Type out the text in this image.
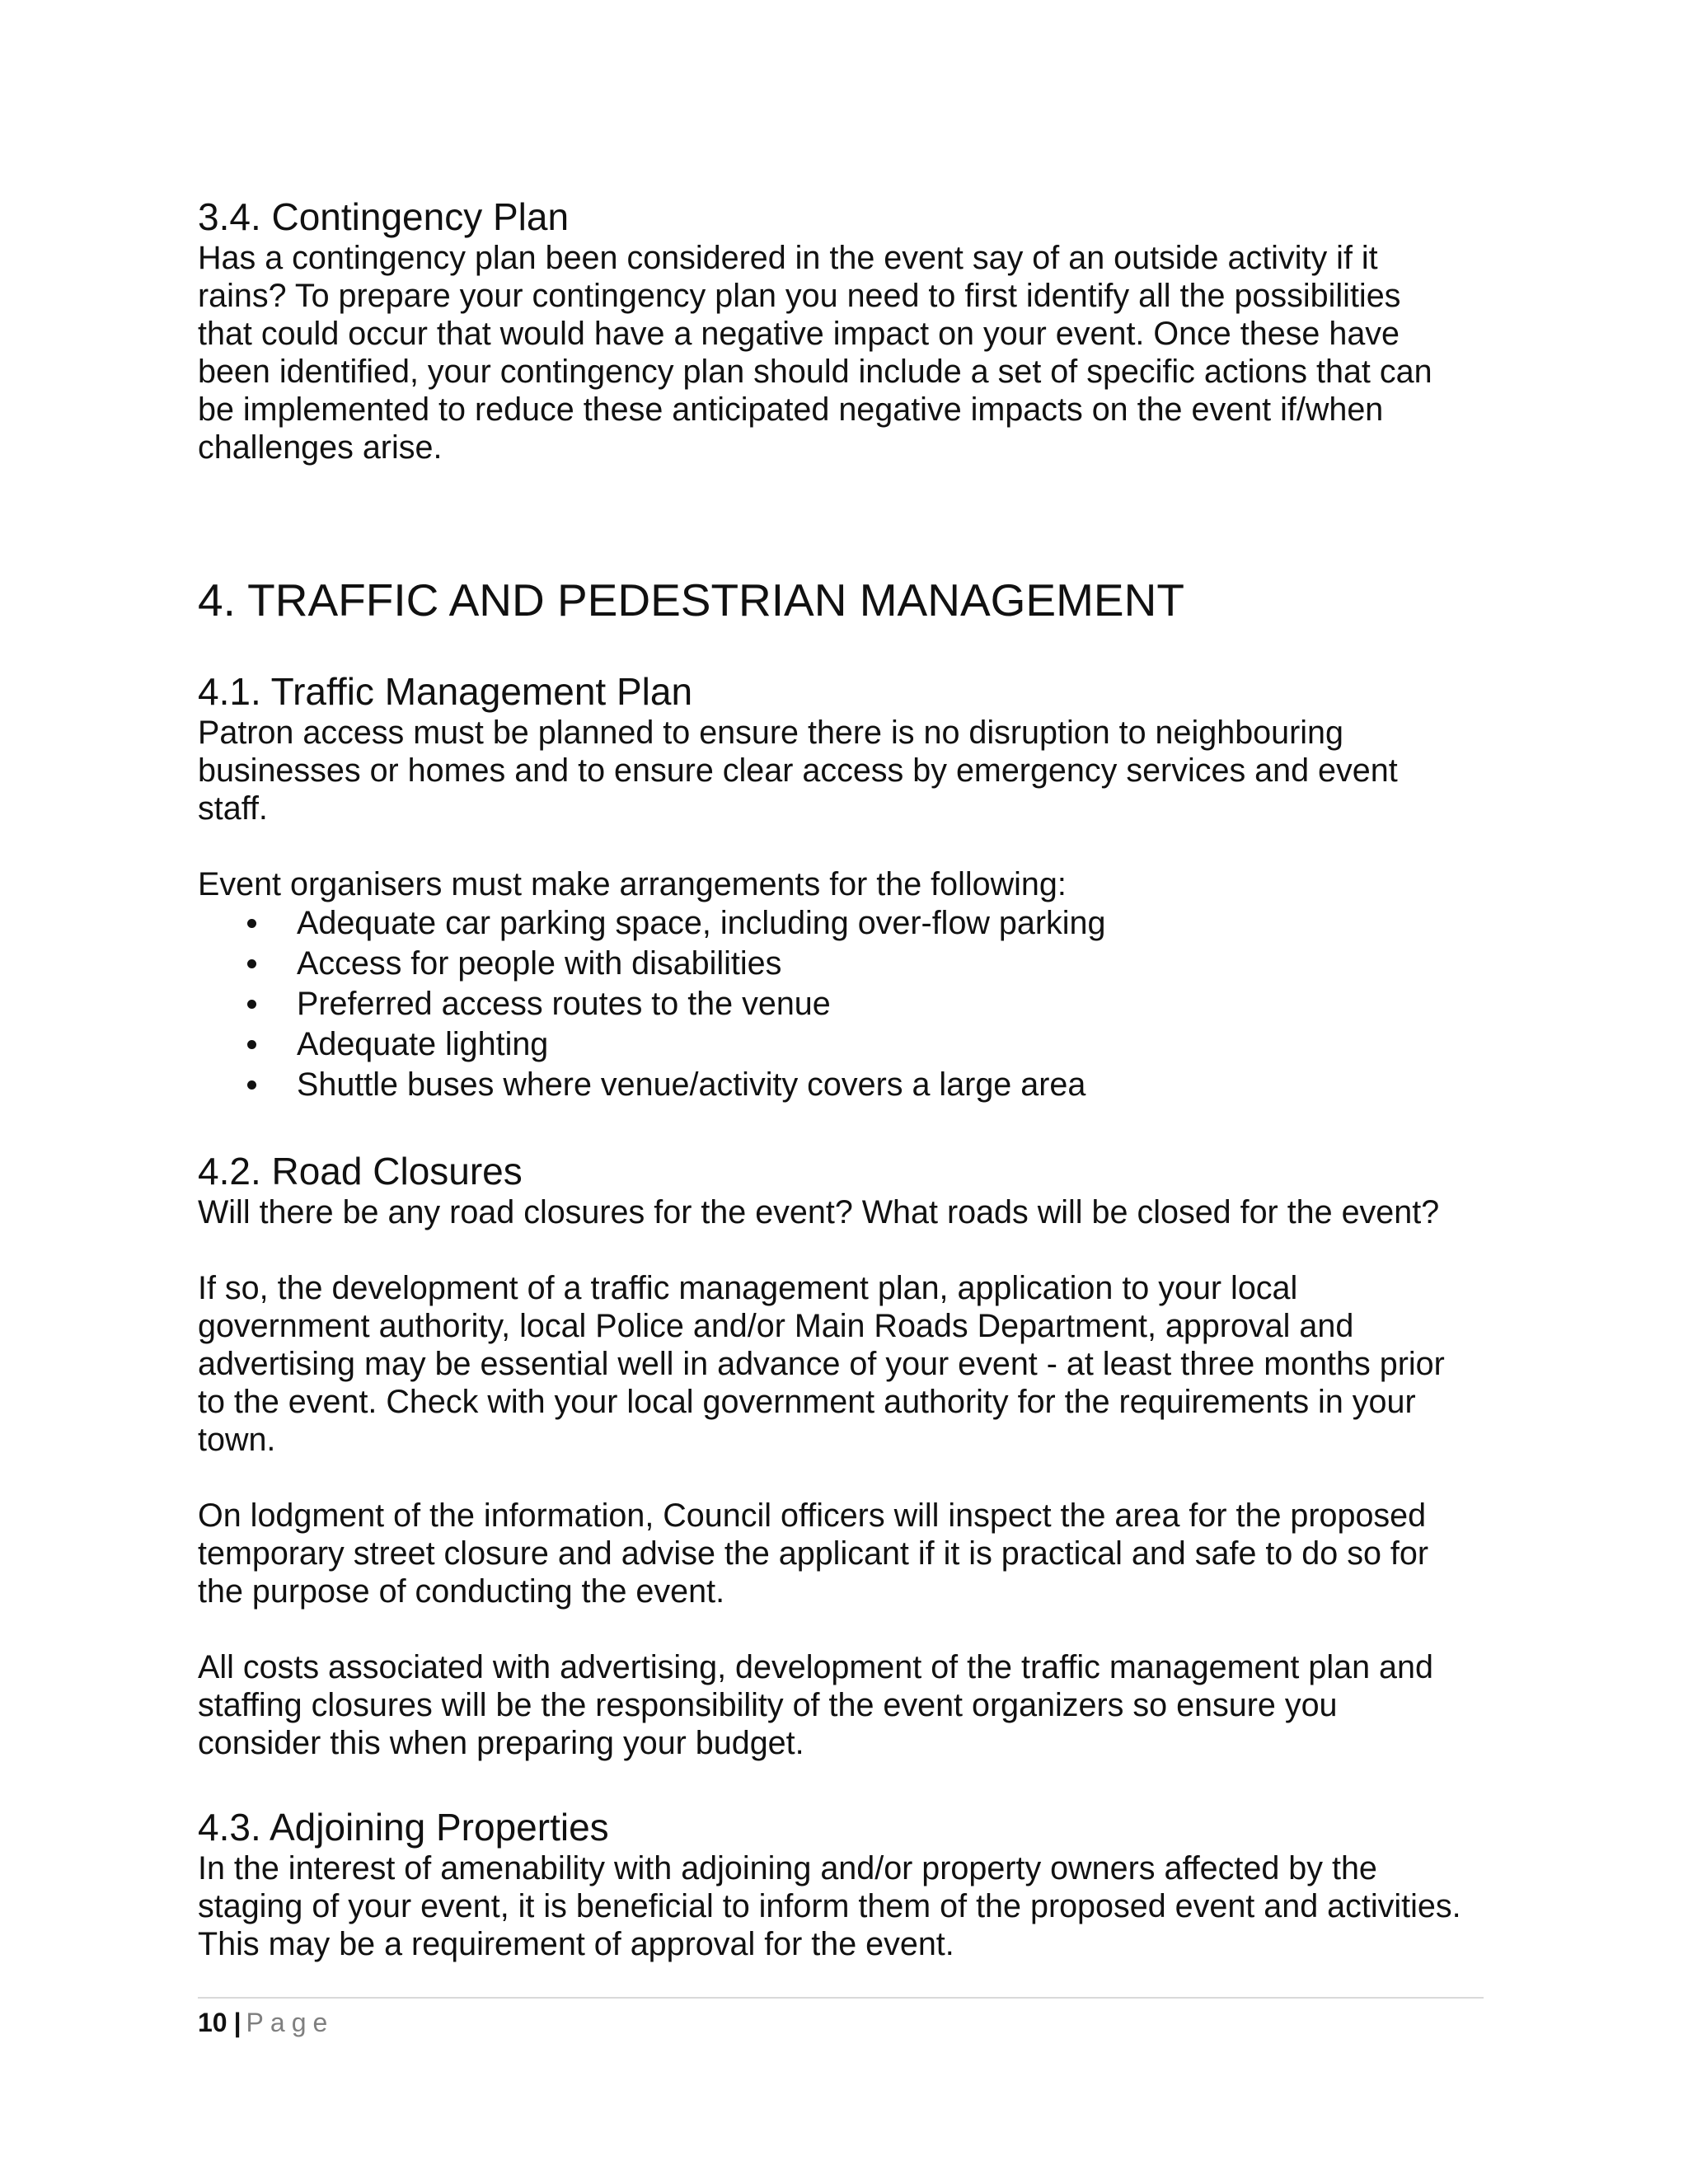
3.4. Contingency Plan

Has a contingency plan been considered in the event say of an outside activity if it
rains? To prepare your contingency plan you need to first identify all the possibilities
that could occur that would have a negative impact on your event. Once these have
been identified, your contingency plan should include a set of specific actions that can
be implemented to reduce these anticipated negative impacts on the event if/when
challenges arise.

4. TRAFFIC AND PEDESTRIAN MANAGEMENT
4.1. Traffic Management Plan

Patron access must be planned to ensure there is no disruption to neighbouring
businesses or homes and to ensure clear access by emergency services and event
staff.

Event organisers must make arrangements for the following:

Adequate car parking space, including over-flow parking
Access for people with disabilities
Preferred access routes to the venue
Adequate lighting
Shuttle buses where venue/activity covers a large area
4.2. Road Closures

Will there be any road closures for the event? What roads will be closed for the event?

If so, the development of a traffic management plan, application to your local
government authority, local Police and/or Main Roads Department, approval and
advertising may be essential well in advance of your event - at least three months prior
to the event. Check with your local government authority for the requirements in your
town.

On lodgment of the information, Council officers will inspect the area for the proposed
temporary street closure and advise the applicant if it is practical and safe to do so for
the purpose of conducting the event.

All costs associated with advertising, development of the traffic management plan and
staffing closures will be the responsibility of the event organizers so ensure you
consider this when preparing your budget.

4.3. Adjoining Properties

In the interest of amenability with adjoining and/or property owners affected by the
staging of your event, it is beneficial to inform them of the proposed event and activities.
This may be a requirement of approval for the event.

10 | Page
